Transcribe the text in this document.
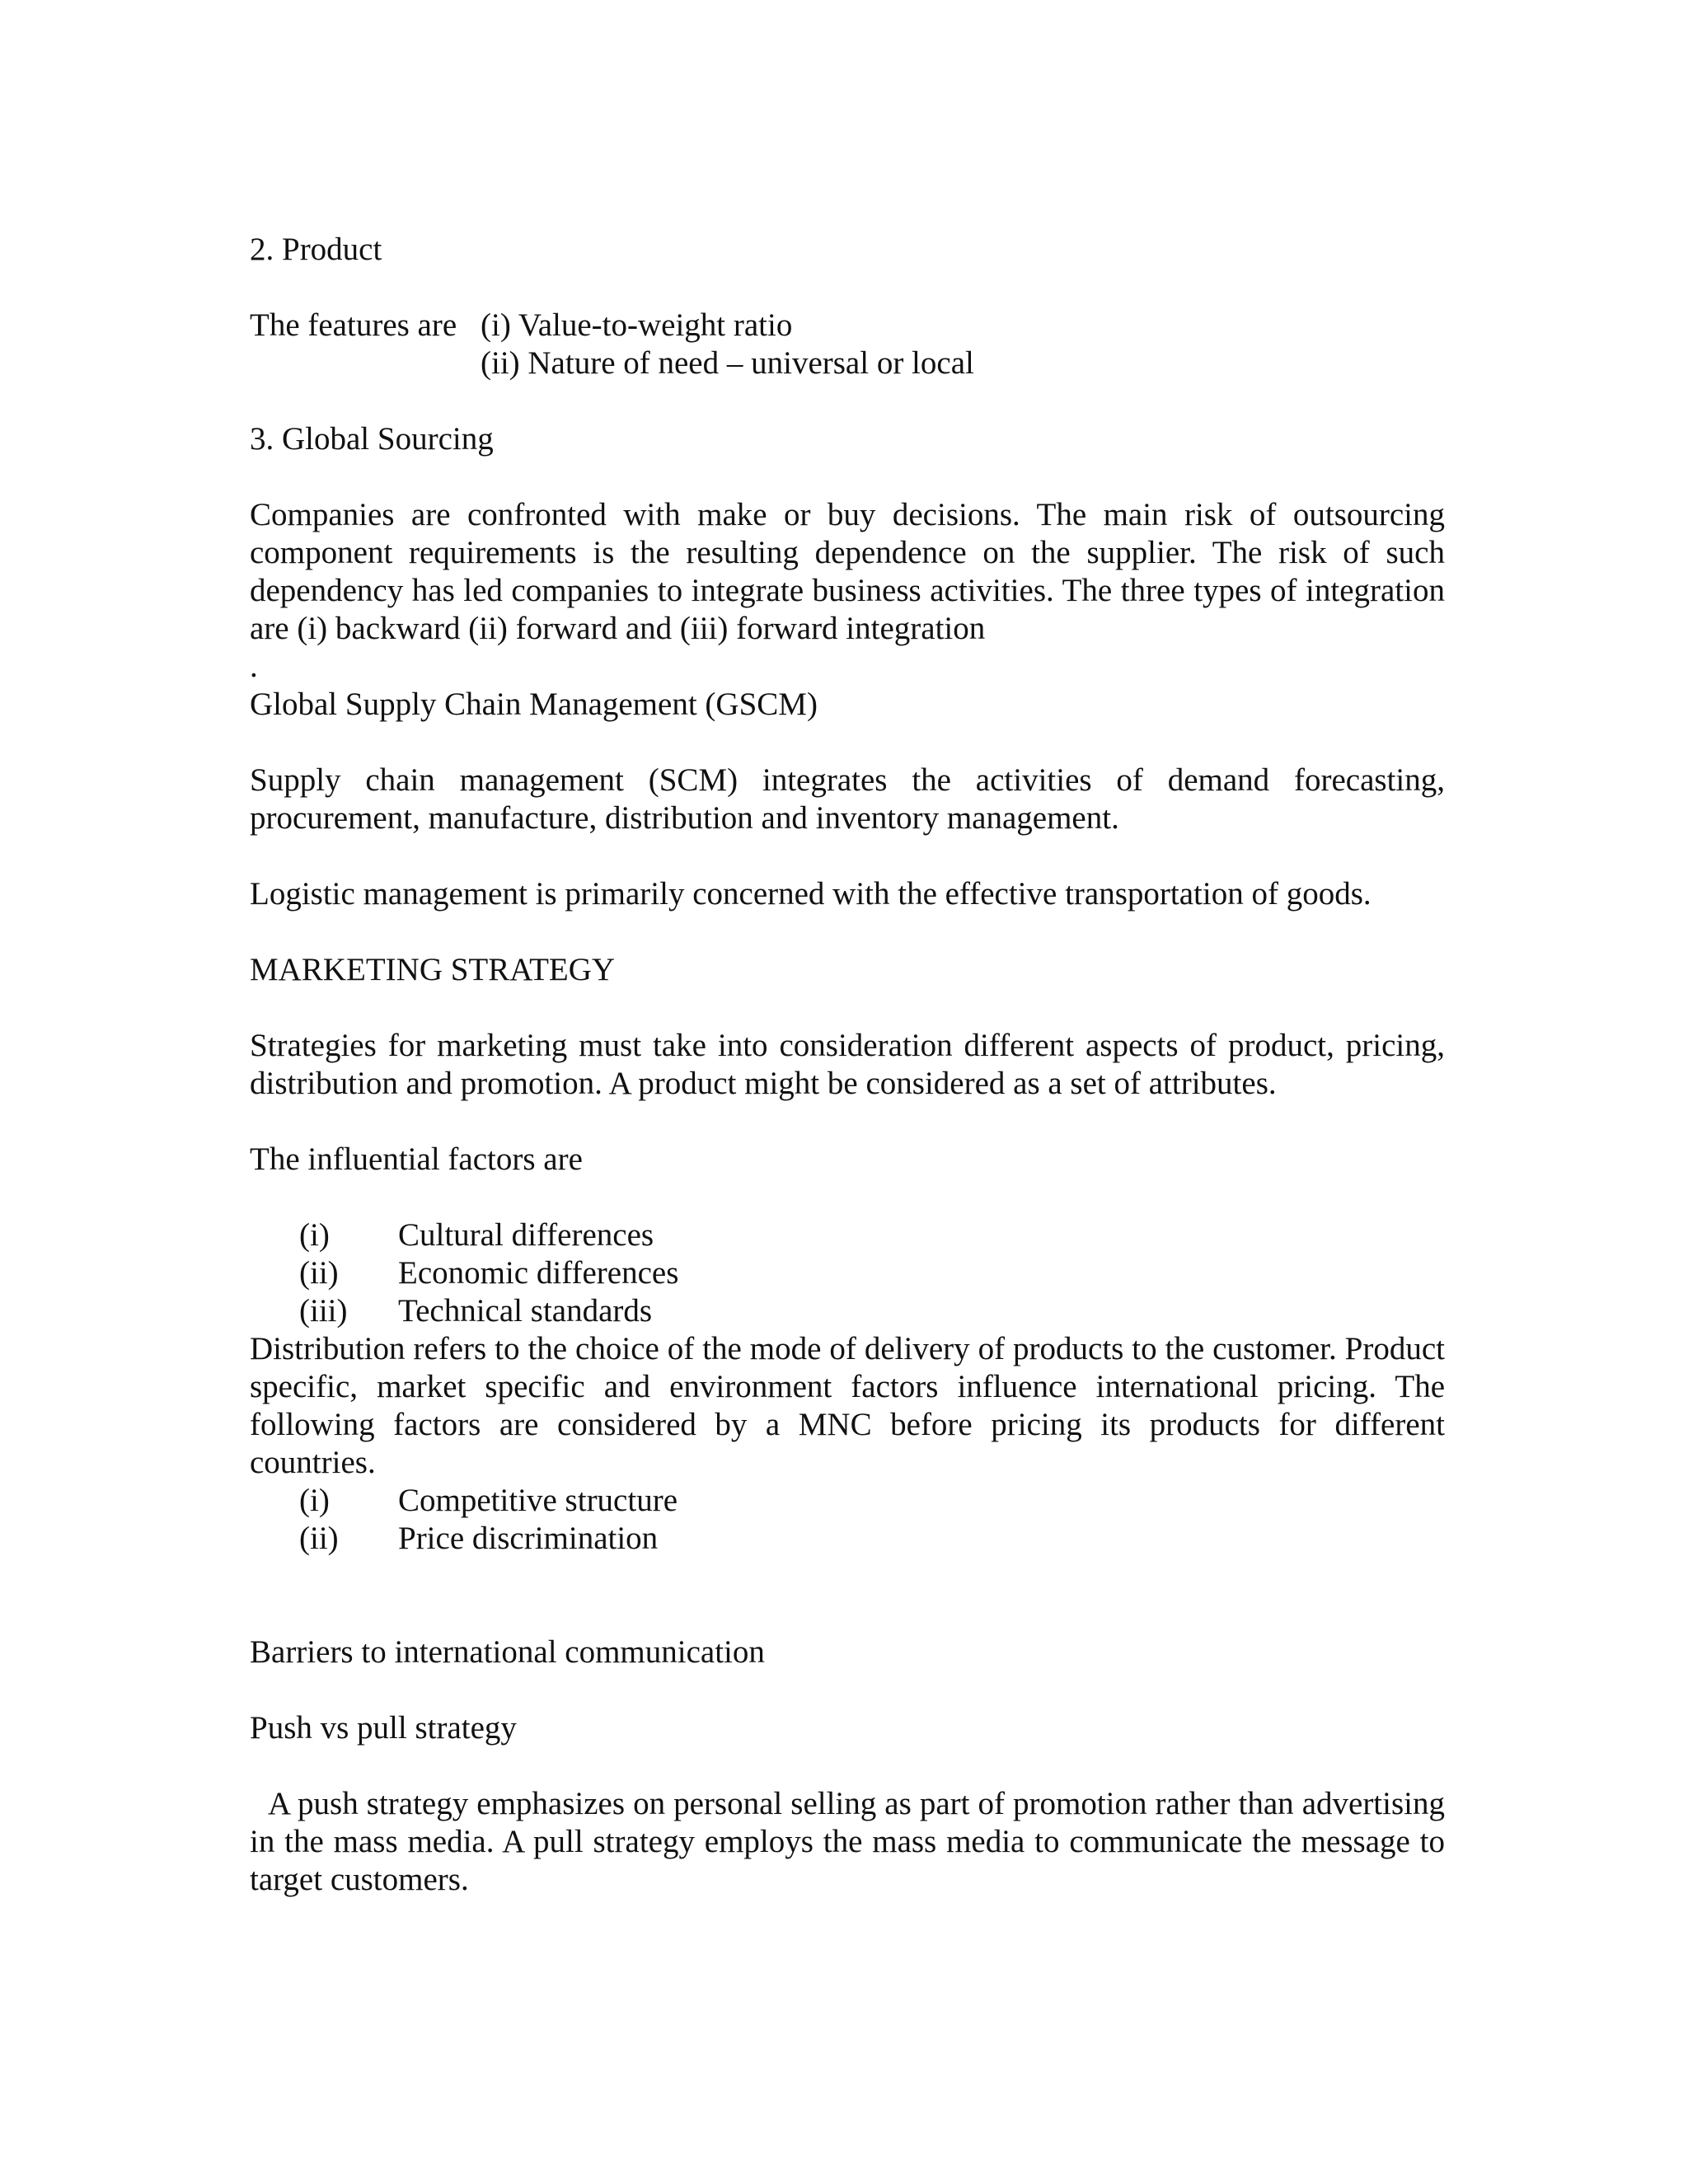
2. Product

The features are (i) Value-to-weight ratio

(ii) Nature of need – universal or local

3. Global Sourcing

Companies are confronted with make or buy decisions. The main risk of outsourcing component requirements is the resulting dependence on the supplier. The risk of such dependency has led companies to integrate business activities. The three types of integration are (i) backward (ii) forward and (iii) forward integration

.

Global Supply Chain Management (GSCM)

Supply chain management (SCM) integrates the activities of demand forecasting, procurement, manufacture, distribution and inventory management.

Logistic management is primarily concerned with the effective transportation of goods.

MARKETING STRATEGY

Strategies for marketing must take into consideration different aspects of product, pricing, distribution and promotion. A product might be considered as a set of attributes.

The influential factors are

(i)	Cultural differences
(ii)	Economic differences
(iii)	Technical standards

Distribution refers to the choice of the mode of delivery of products to the customer. Product specific, market specific and environment factors influence international pricing. The following factors are considered by a MNC before pricing its products for different countries.

(i)	Competitive structure
(ii)	Price discrimination

Barriers to international communication

Push vs pull strategy

A push strategy emphasizes on personal selling as part of promotion rather than advertising in the mass media. A pull strategy employs the mass media to communicate the message to target customers.
